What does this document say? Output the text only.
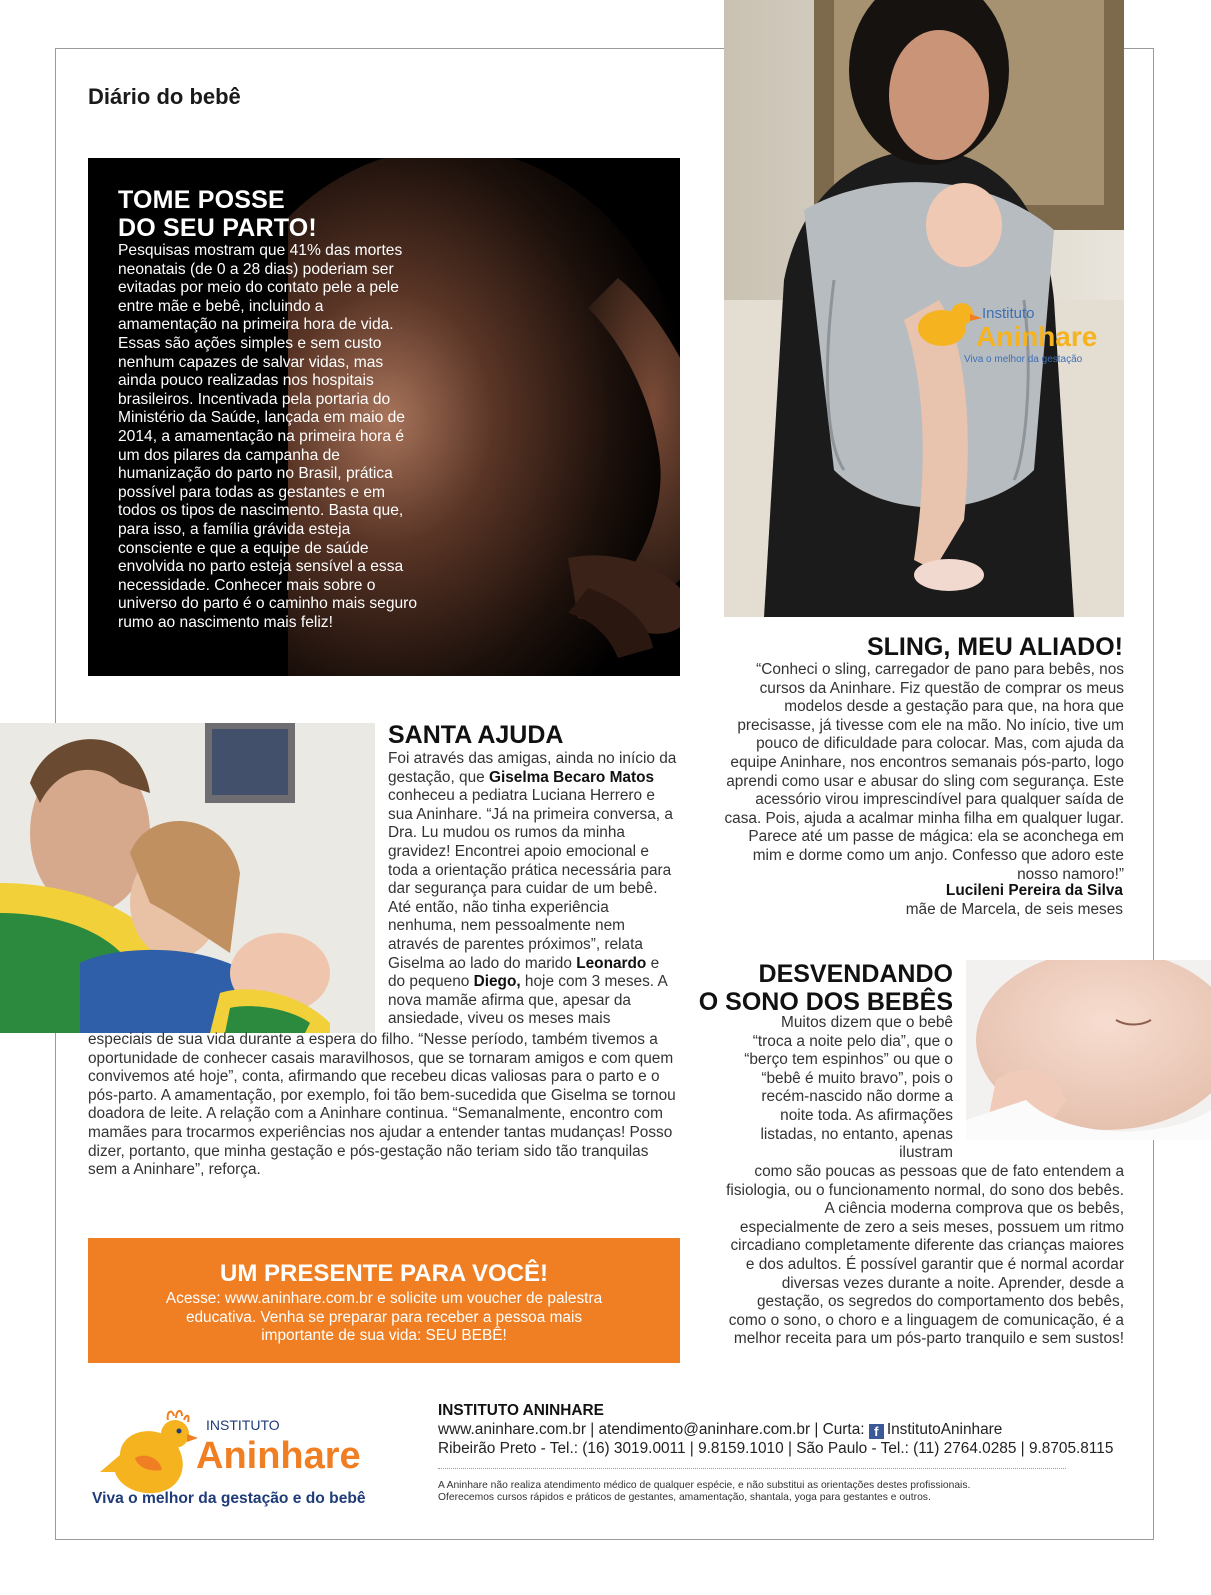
Diário do bebê
TOME POSSE
DO SEU PARTO!
Pesquisas mostram que 41% das mortes neonatais (de 0 a 28 dias) poderiam ser evitadas por meio do contato pele a pele entre mãe e bebê, incluindo a amamentação na primeira hora de vida. Essas são ações simples e sem custo nenhum capazes de salvar vidas, mas ainda pouco realizadas nos hospitais brasileiros. Incentivada pela portaria do Ministério da Saúde, lançada em maio de 2014, a amamentação na primeira hora é um dos pilares da campanha de humanização do parto no Brasil, prática possível para todas as gestantes e em todos os tipos de nascimento. Basta que, para isso, a família grávida esteja consciente e que a equipe de saúde envolvida no parto esteja sensível a essa necessidade. Conhecer mais sobre o universo do parto é o caminho mais seguro rumo ao nascimento mais feliz!
Instituto
Aninhare
Viva o melhor da gestação
SLING, MEU ALIADO!
“Conheci o sling, carregador de pano para bebês, nos cursos da Aninhare. Fiz questão de comprar os meus modelos desde a gestação para que, na hora que precisasse, já tivesse com ele na mão. No início, tive um pouco de dificuldade para colocar. Mas, com ajuda da equipe Aninhare, nos encontros semanais pós-parto, logo aprendi como usar e abusar do sling com segurança. Este acessório virou imprescindível para qualquer saída de casa. Pois, ajuda a acalmar minha filha em qualquer lugar. Parece até um passe de mágica: ela se aconchega em mim e dorme como um anjo. Confesso que adoro este nosso namoro!”
Lucileni Pereira da Silva
mãe de Marcela, de seis meses
SANTA AJUDA
Foi através das amigas, ainda no início da gestação, que Giselma Becaro Matos conheceu a pediatra Luciana Herrero e sua Aninhare. “Já na primeira conversa, a Dra. Lu mudou os rumos da minha gravidez! Encontrei apoio emocional e toda a orientação prática necessária para dar segurança para cuidar de um bebê. Até então, não tinha experiência nenhuma, nem pessoalmente nem através de parentes próximos”, relata Giselma ao lado do marido Leonardo e do pequeno Diego, hoje com 3 meses. A nova mamãe afirma que, apesar da ansiedade, viveu os meses mais
especiais de sua vida durante a espera do filho. “Nesse período, também tivemos a oportunidade de conhecer casais maravilhosos, que se tornaram amigos e com quem convivemos até hoje”, conta, afirmando que recebeu dicas valiosas para o parto e o pós-parto. A amamentação, por exemplo, foi tão bem-sucedida que Giselma se tornou doadora de leite. A relação com a Aninhare continua. “Semanalmente, encontro com mamães para trocarmos experiências nos ajudar a entender tantas mudanças! Posso dizer, portanto, que minha gestação e pós-gestação não teriam sido tão tranquilas sem a Aninhare”, reforça.
DESVENDANDO
O SONO DOS BEBÊS
Muitos dizem que o bebê “troca a noite pelo dia”, que o “berço tem espinhos” ou que o “bebê é muito bravo”, pois o recém-nascido não dorme a noite toda. As afirmações listadas, no entanto, apenas ilustram
como são poucas as pessoas que de fato entendem a fisiologia, ou o funcionamento normal, do sono dos bebês. A ciência moderna comprova que os bebês, especialmente de zero a seis meses, possuem um ritmo circadiano completamente diferente das crianças maiores e dos adultos. É possível garantir que é normal acordar diversas vezes durante a noite. Aprender, desde a gestação, os segredos do comportamento dos bebês, como o sono, o choro e a linguagem de comunicação, é a melhor receita para um pós-parto tranquilo e sem sustos!
UM PRESENTE PARA VOCÊ!
Acesse: www.aninhare.com.br e solicite um voucher de palestra educativa. Venha se preparar para receber a pessoa mais importante de sua vida: SEU BEBÊ!
INSTITUTO
Aninhare
Viva o melhor da gestação e do bebê
INSTITUTO ANINHARE
www.aninhare.com.br | atendimento@aninhare.com.br | Curta: f InstitutoAninhare
Ribeirão Preto - Tel.: (16) 3019.0011 | 9.8159.1010 | São Paulo - Tel.: (11) 2764.0285 | 9.8705.8115
A Aninhare não realiza atendimento médico de qualquer espécie, e não substitui as orientações destes profissionais.
Oferecemos cursos rápidos e práticos de gestantes, amamentação, shantala, yoga para gestantes e outros.
